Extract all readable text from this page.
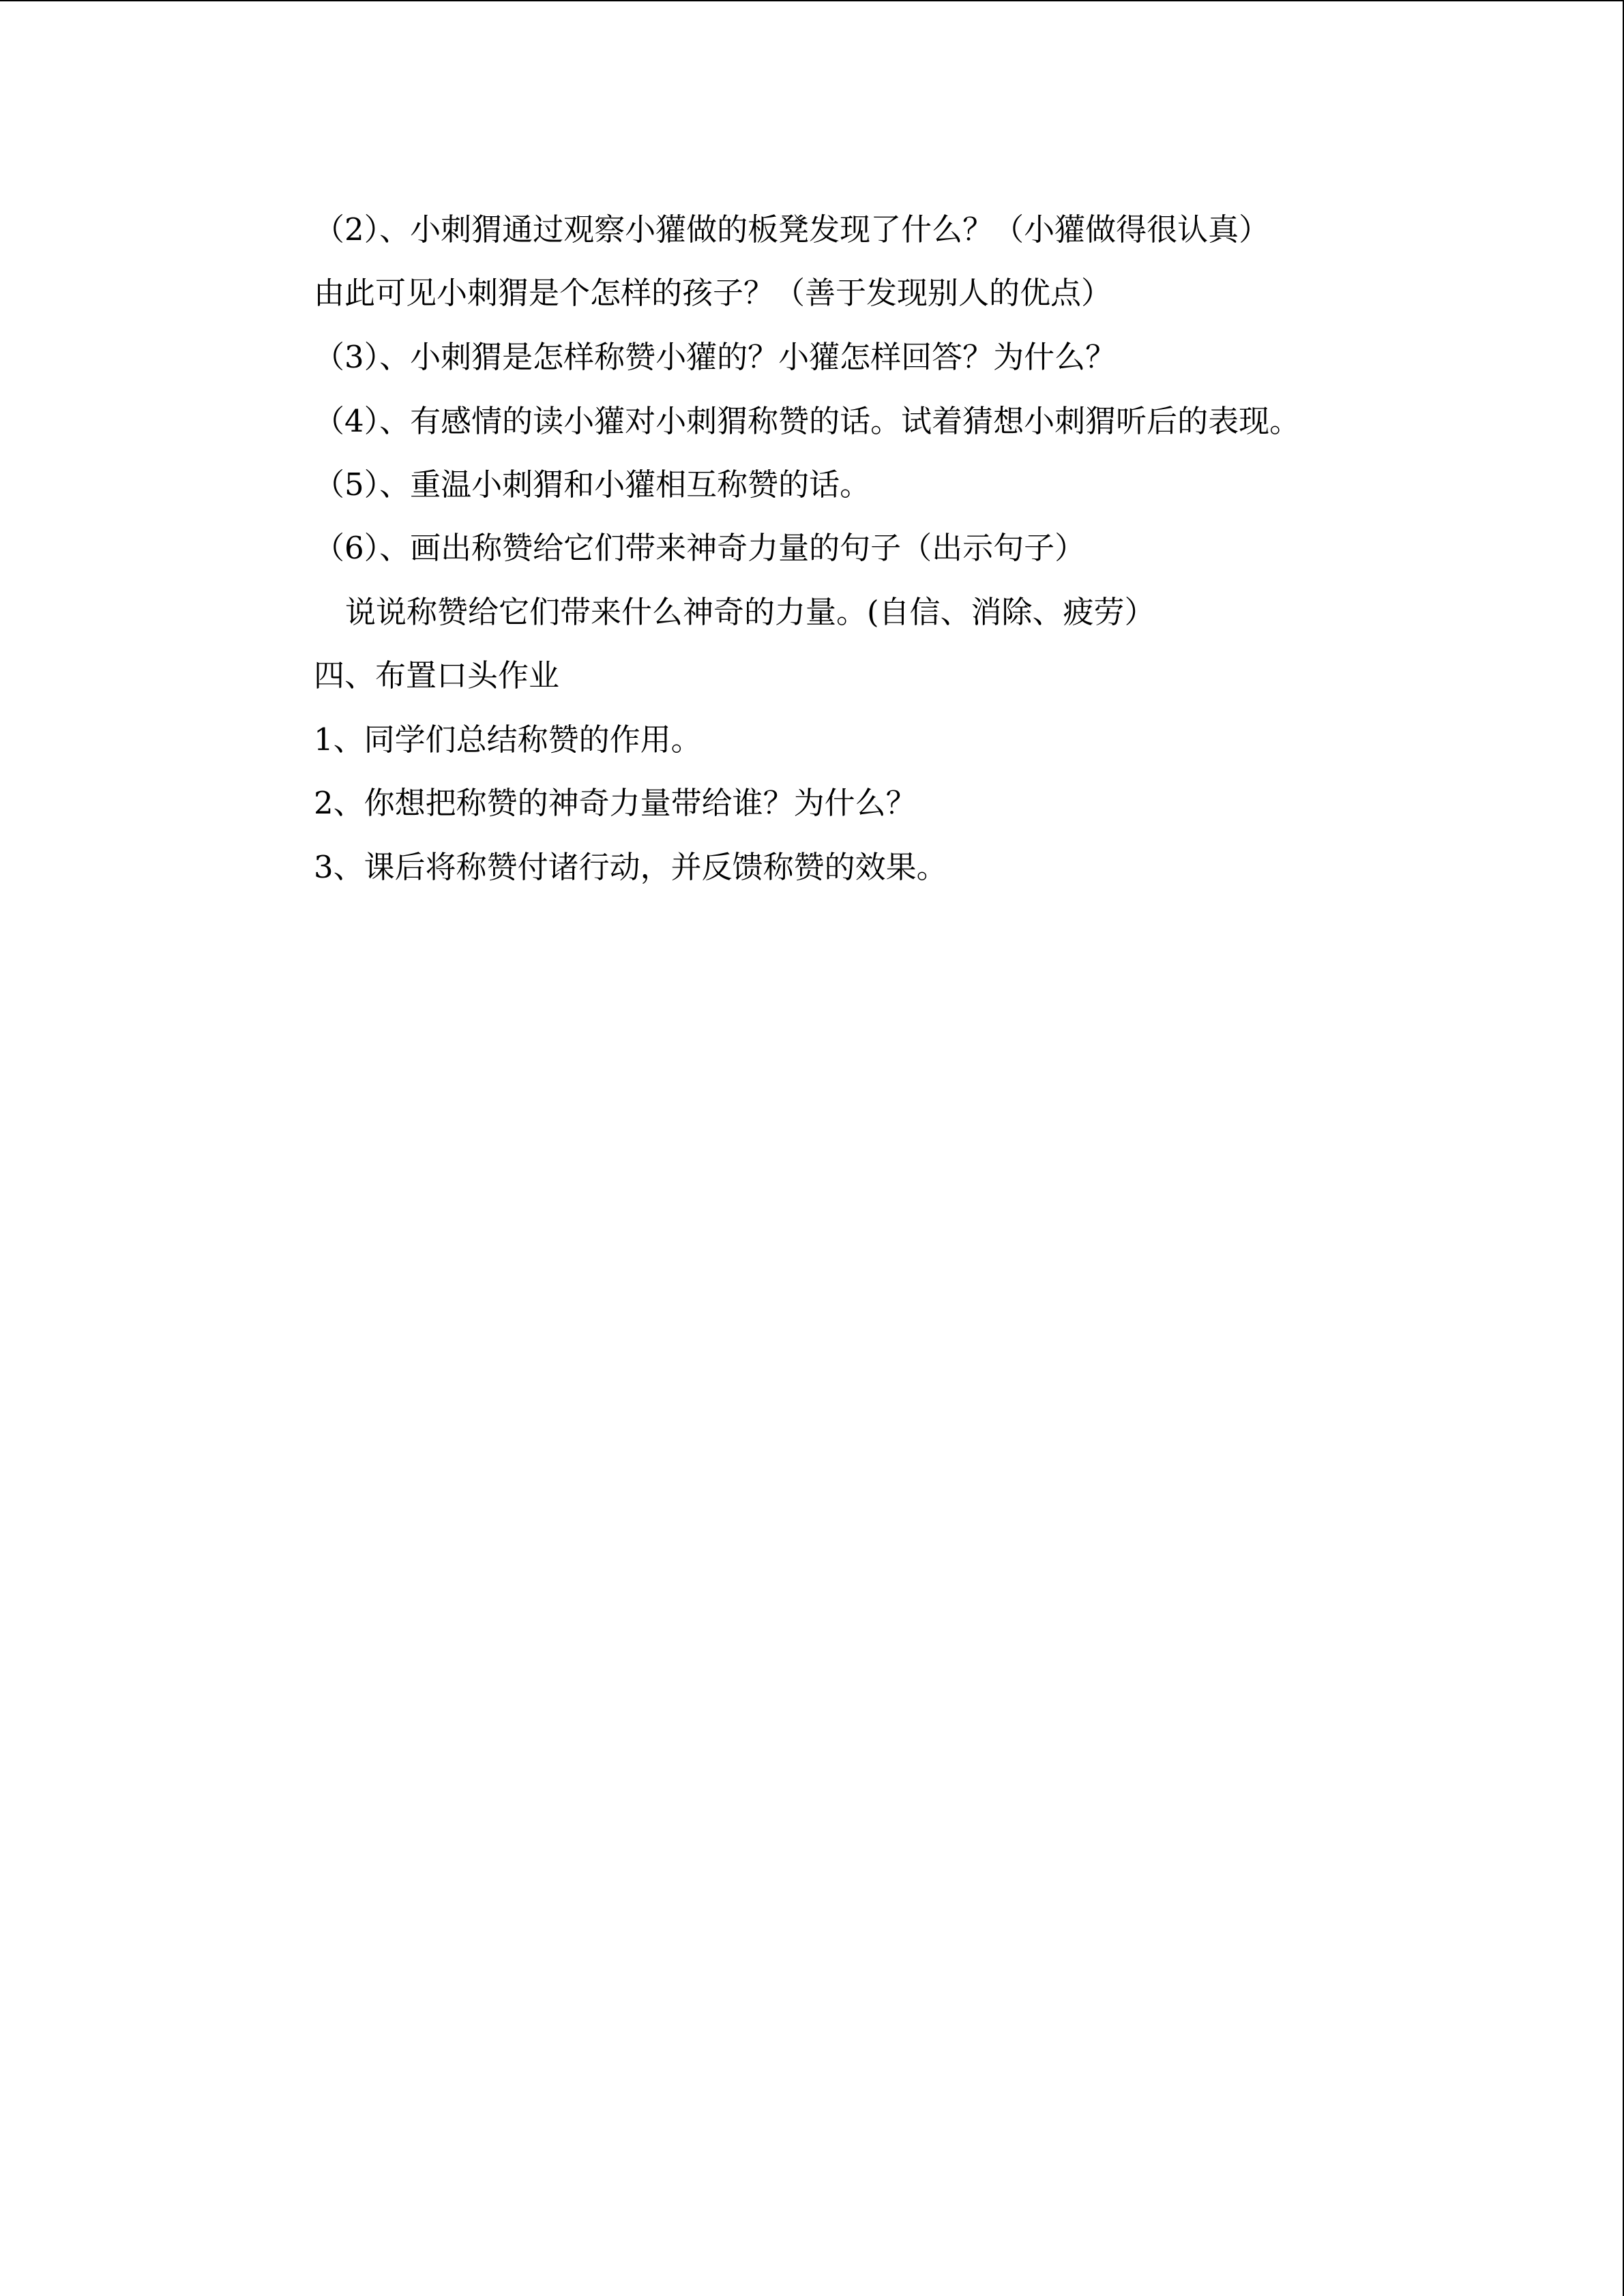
（2）、小刺猬通过观察小獾做的板凳发现了什么？（小獾做得很认真）

由此可见小刺猬是个怎样的孩子？（善于发现别人的优点）

（3）、小刺猬是怎样称赞小獾的？小獾怎样回答？为什么？

（4）、有感情的读小獾对小刺猬称赞的话。试着猜想小刺猬听后的表现。

（5）、重温小刺猬和小獾相互称赞的话。

（6）、画出称赞给它们带来神奇力量的句子（出示句子）

说说称赞给它们带来什么神奇的力量。(自信、消除、疲劳）

四、布置口头作业

1、同学们总结称赞的作用。

2、你想把称赞的神奇力量带给谁？为什么？

3、课后将称赞付诸行动，并反馈称赞的效果。
